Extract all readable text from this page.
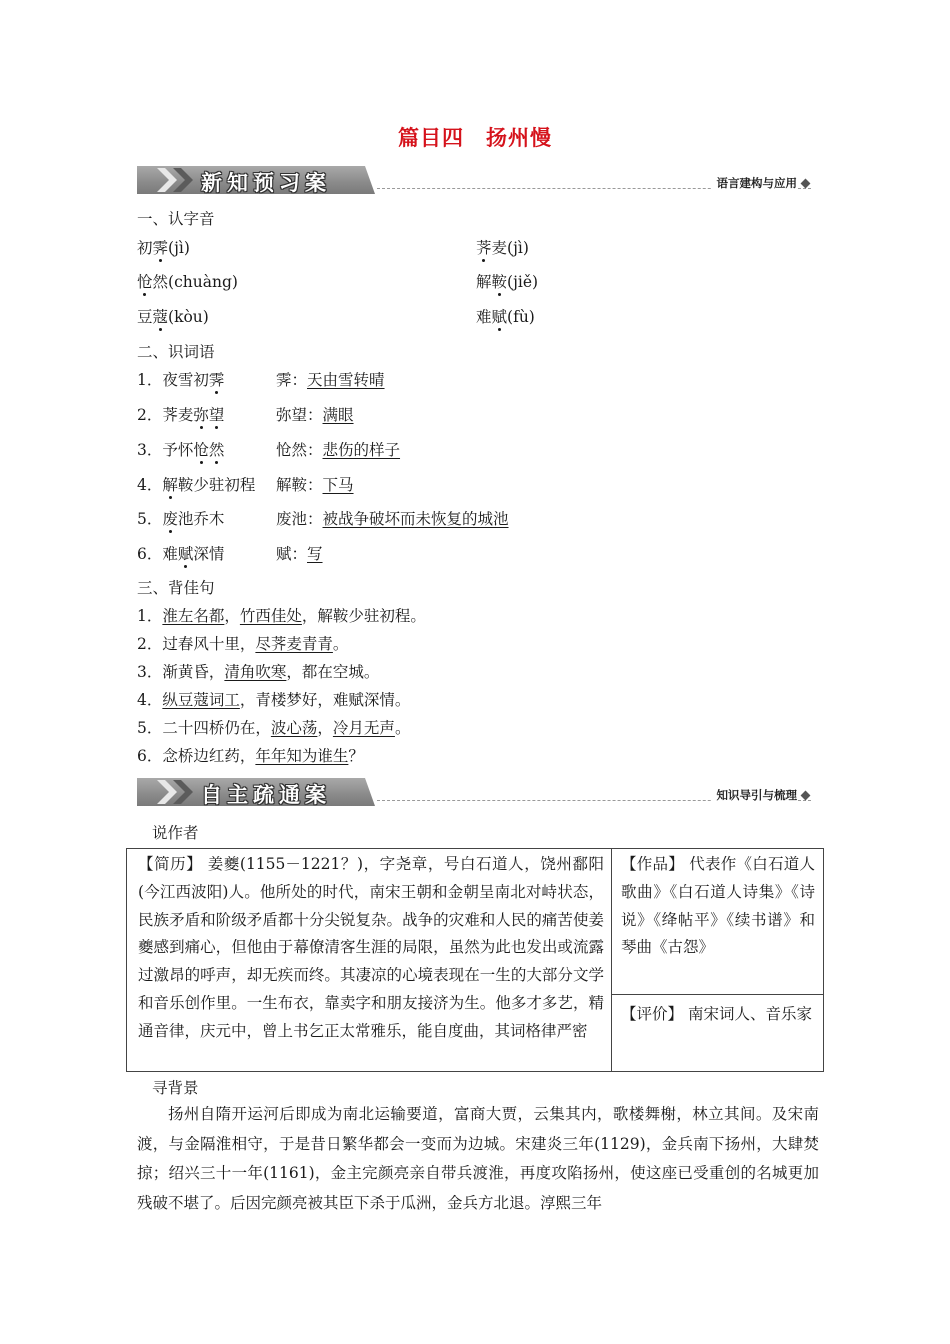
篇目四　扬州慢
新知预习案	语言建构与应用
一、认字音
初霁(jì)	荠麦(jì)
怆然(chuàng)	解鞍(jiě)
豆蔻(kòu)	难赋(fù)
二、识词语
1．夜雪初霁	霁：天由雪转晴
2．荠麦弥望	弥望：满眼
3．予怀怆然	怆然：悲伤的样子
4．解鞍少驻初程 解鞍：下马
5．废池乔木	废池：被战争破坏而未恢复的城池
6．难赋深情	赋：写
三、背佳句
1．淮左名都，竹西佳处，解鞍少驻初程。
2．过春风十里，尽荠麦青青。
3．渐黄昏，清角吹寒，都在空城。
4．纵豆蔻词工，青楼梦好，难赋深情。
5．二十四桥仍在，波心荡，冷月无声。
6．念桥边红药，年年知为谁生？
自主疏通案	知识导引与梳理
说作者
【简历】 姜夔(1155－1221？)，字尧章，号白石道人，饶州鄱阳(今江西波阳)人。他所处的时代，南宋王朝和金朝呈南北对峙状态，民族矛盾和阶级矛盾都十分尖锐复杂。战争的灾难和人民的痛苦使姜夔感到痛心，但他由于幕僚清客生涯的局限，虽然为此也发出或流露过激昂的呼声，却无疾而终。其凄凉的心境表现在一生的大部分文学和音乐创作里。一生布衣，靠卖字和朋友接济为生。他多才多艺，精通音律，庆元中，曾上书乞正太常雅乐，能自度曲，其词格律严密
【作品】 代表作《白石道人歌曲》《白石道人诗集》《诗说》《绛帖平》《续书谱》和琴曲《古怨》
【评价】 南宋词人、音乐家
寻背景
扬州自隋开运河后即成为南北运输要道，富商大贾，云集其内，歌楼舞榭，林立其间。及宋南渡，与金隔淮相守，于是昔日繁华都会一变而为边城。宋建炎三年(1129)，金兵南下扬州，大肆焚掠；绍兴三十一年(1161)，金主完颜亮亲自带兵渡淮，再度攻陷扬州，使这座已受重创的名城更加残破不堪了。后因完颜亮被其臣下杀于瓜洲，金兵方北退。淳熙三年
